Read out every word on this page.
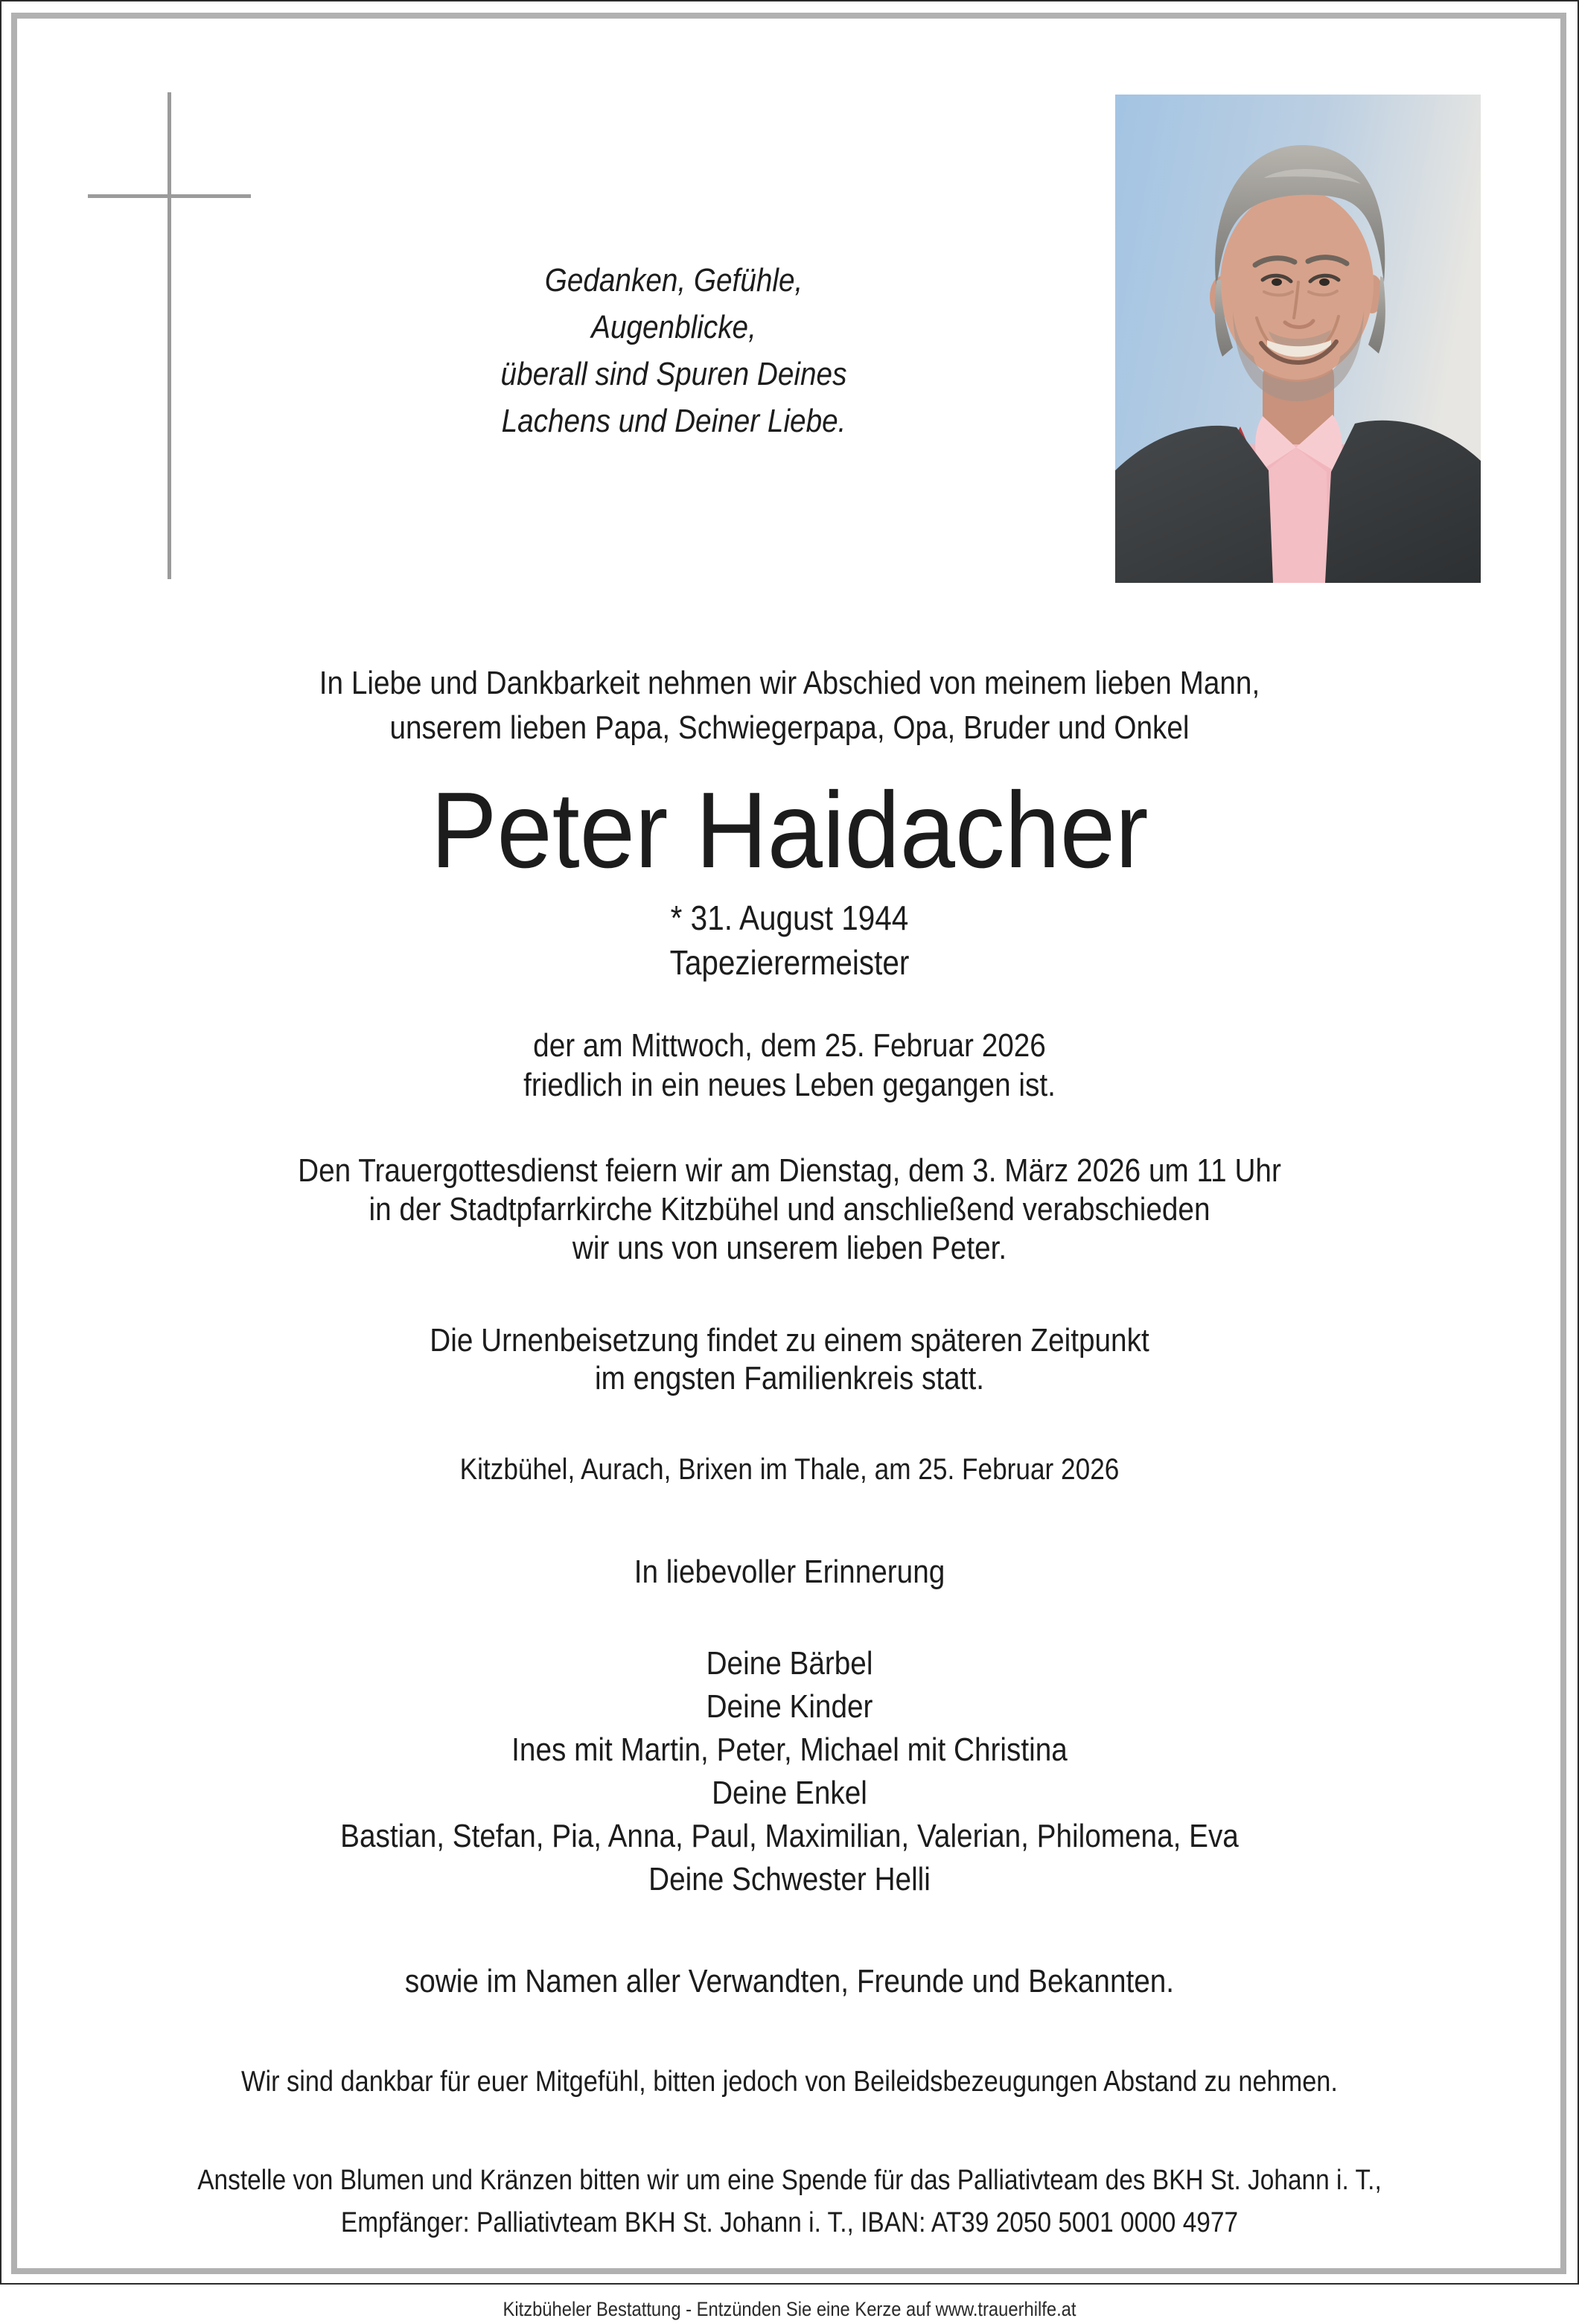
Gedanken, Gefühle,
Augenblicke,
überall sind Spuren Deines
Lachens und Deiner Liebe.
In Liebe und Dankbarkeit nehmen wir Abschied von meinem lieben Mann,
unserem lieben Papa, Schwiegerpapa, Opa, Bruder und Onkel
Peter Haidacher
* 31. August 1944
Tapezierermeister
der am Mittwoch, dem 25. Februar 2026
friedlich in ein neues Leben gegangen ist.
Den Trauergottesdienst feiern wir am Dienstag, dem 3. März 2026 um 11 Uhr
in der Stadtpfarrkirche Kitzbühel und anschließend verabschieden
wir uns von unserem lieben Peter.
Die Urnenbeisetzung findet zu einem späteren Zeitpunkt
im engsten Familienkreis statt.
Kitzbühel, Aurach, Brixen im Thale, am 25. Februar 2026
In liebevoller Erinnerung
Deine Bärbel
Deine Kinder
Ines mit Martin, Peter, Michael mit Christina
Deine Enkel
Bastian, Stefan, Pia, Anna, Paul, Maximilian, Valerian, Philomena, Eva
Deine Schwester Helli
sowie im Namen aller Verwandten, Freunde und Bekannten.
Wir sind dankbar für euer Mitgefühl, bitten jedoch von Beileidsbezeugungen Abstand zu nehmen.
Anstelle von Blumen und Kränzen bitten wir um eine Spende für das Palliativteam des BKH St. Johann i. T.,
Empfänger: Palliativteam BKH St. Johann i. T., IBAN: AT39 2050 5001 0000 4977
Kitzbüheler Bestattung - Entzünden Sie eine Kerze auf www.trauerhilfe.at
